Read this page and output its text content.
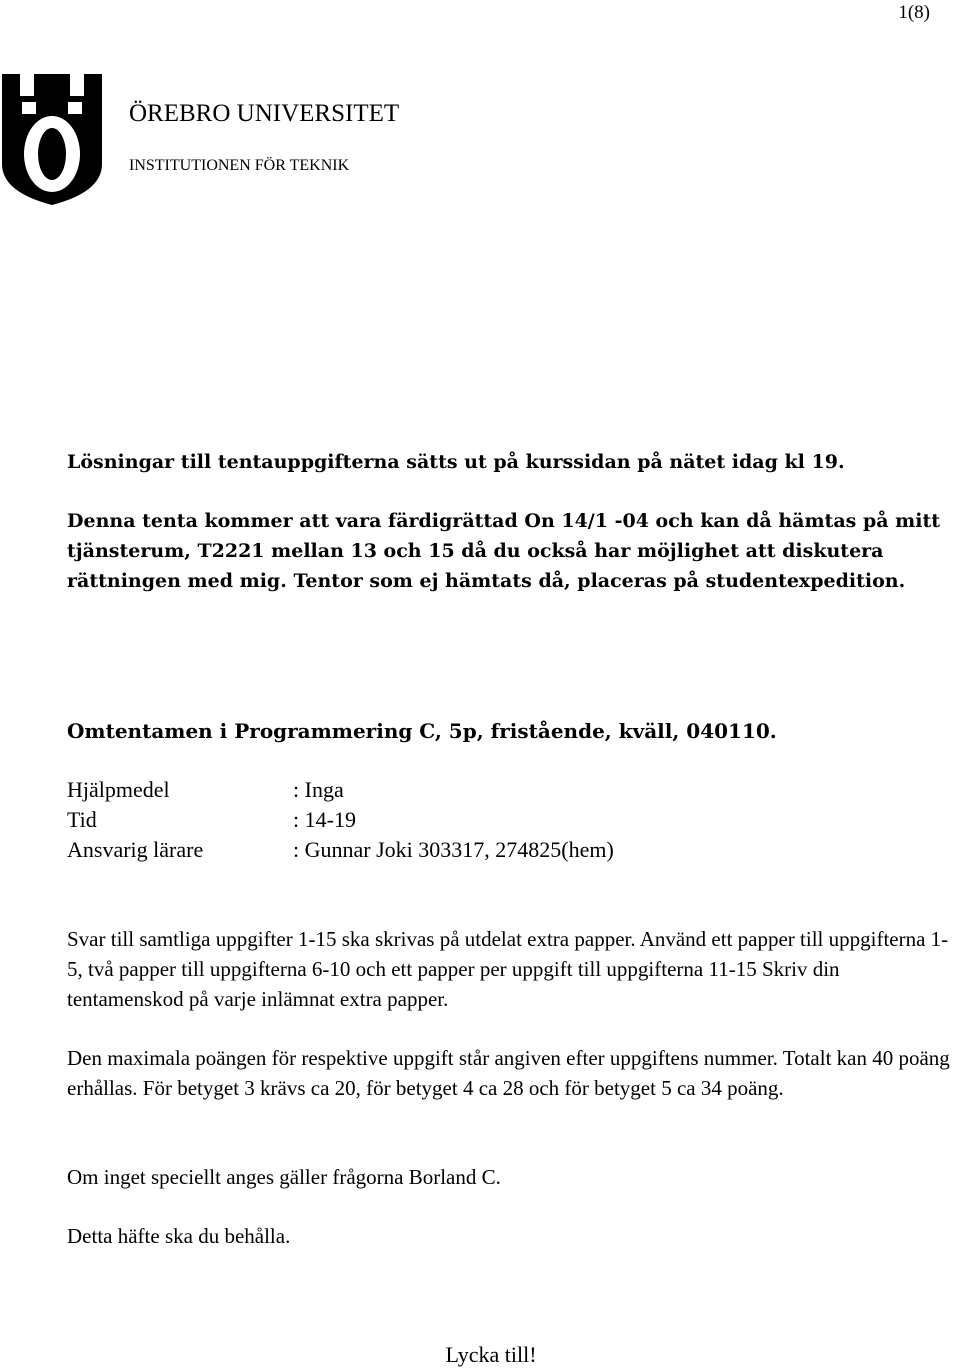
1(8)
ÖREBRO UNIVERSITET
INSTITUTIONEN FÖR TEKNIK

Lösningar till tentauppgifterna sätts ut på kurssidan på nätet idag kl 19.

Denna tenta kommer att vara färdigrättad On 14/1 -04 och kan då hämtas på mitt tjänsterum, T2221 mellan 13 och 15 då du också har möjlighet att diskutera rättningen med mig. Tentor som ej hämtats då, placeras på studentexpedition.

Omtentamen i Programmering C, 5p, fristående, kväll, 040110.
Hjälpmedel	: Inga
Tid	: 14-19
Ansvarig lärare	: Gunnar Joki 303317, 274825(hem)

Svar till samtliga uppgifter 1-15 ska skrivas på utdelat extra papper. Använd ett papper till uppgifterna 1-5, två papper till uppgifterna 6-10 och ett papper per uppgift till uppgifterna 11-15 Skriv din tentamenskod på varje inlämnat extra papper.

Den maximala poängen för respektive uppgift står angiven efter uppgiftens nummer. Totalt kan 40 poäng erhållas. För betyget 3 krävs ca 20, för betyget 4 ca 28 och för betyget 5 ca 34 poäng.

Om inget speciellt anges gäller frågorna Borland C.

Detta häfte ska du behålla.

Lycka till!
